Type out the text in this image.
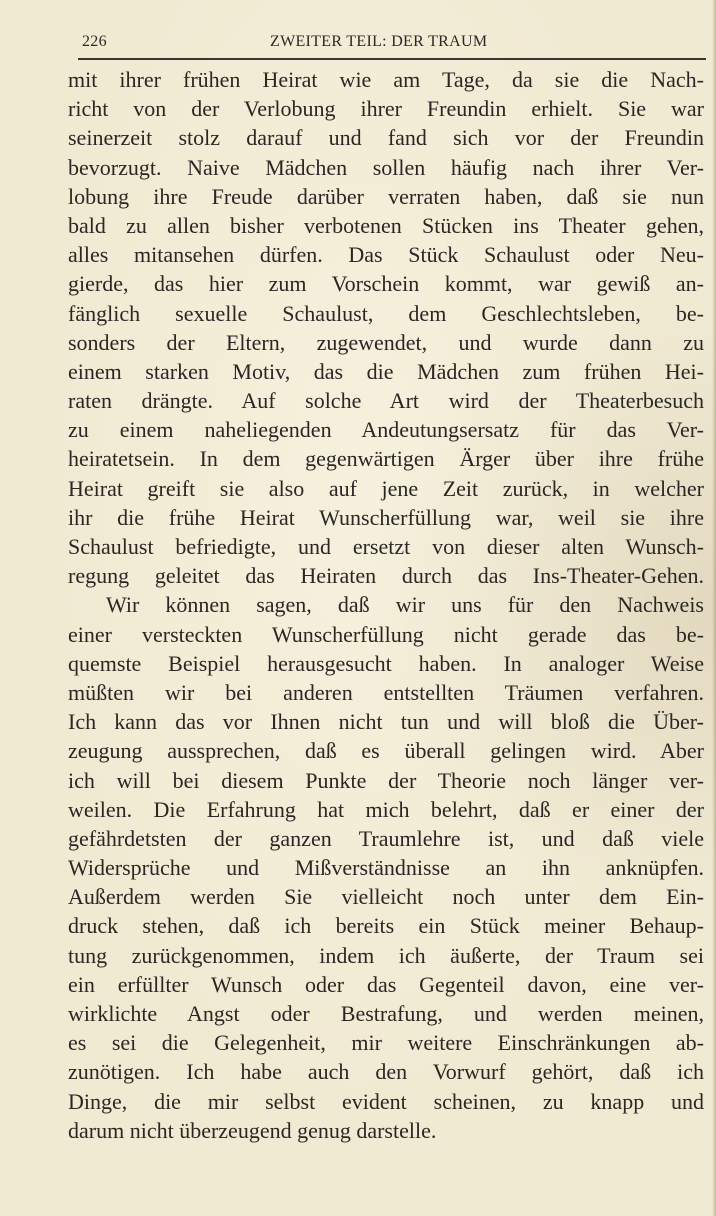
226	ZWEITER TEIL: DER TRAUM
mit ihrer frühen Heirat wie am Tage, da sie die Nach-
richt von der Verlobung ihrer Freundin erhielt. Sie war
seinerzeit stolz darauf und fand sich vor der Freundin
bevorzugt. Naive Mädchen sollen häufig nach ihrer Ver-
lobung ihre Freude darüber verraten haben, daß sie nun
bald zu allen bisher verbotenen Stücken ins Theater gehen,
alles mitansehen dürfen. Das Stück Schaulust oder Neu-
gierde, das hier zum Vorschein kommt, war gewiß an-
fänglich sexuelle Schaulust, dem Geschlechtsleben, be-
sonders der Eltern, zugewendet, und wurde dann zu
einem starken Motiv, das die Mädchen zum frühen Hei-
raten drängte. Auf solche Art wird der Theaterbesuch
zu einem naheliegenden Andeutungsersatz für das Ver-
heiratetsein. In dem gegenwärtigen Ärger über ihre frühe
Heirat greift sie also auf jene Zeit zurück, in welcher
ihr die frühe Heirat Wunscherfüllung war, weil sie ihre
Schaulust befriedigte, und ersetzt von dieser alten Wunsch-
regung geleitet das Heiraten durch das Ins-Theater-Gehen.
Wir können sagen, daß wir uns für den Nachweis
einer versteckten Wunscherfüllung nicht gerade das be-
quemste Beispiel herausgesucht haben. In analoger Weise
müßten wir bei anderen entstellten Träumen verfahren.
Ich kann das vor Ihnen nicht tun und will bloß die Über-
zeugung aussprechen, daß es überall gelingen wird. Aber
ich will bei diesem Punkte der Theorie noch länger ver-
weilen. Die Erfahrung hat mich belehrt, daß er einer der
gefährdetsten der ganzen Traumlehre ist, und daß viele
Widersprüche und Mißverständnisse an ihn anknüpfen.
Außerdem werden Sie vielleicht noch unter dem Ein-
druck stehen, daß ich bereits ein Stück meiner Behaup-
tung zurückgenommen, indem ich äußerte, der Traum sei
ein erfüllter Wunsch oder das Gegenteil davon, eine ver-
wirklichte Angst oder Bestrafung, und werden meinen,
es sei die Gelegenheit, mir weitere Einschränkungen ab-
zunötigen. Ich habe auch den Vorwurf gehört, daß ich
Dinge, die mir selbst evident scheinen, zu knapp und
darum nicht überzeugend genug darstelle.
